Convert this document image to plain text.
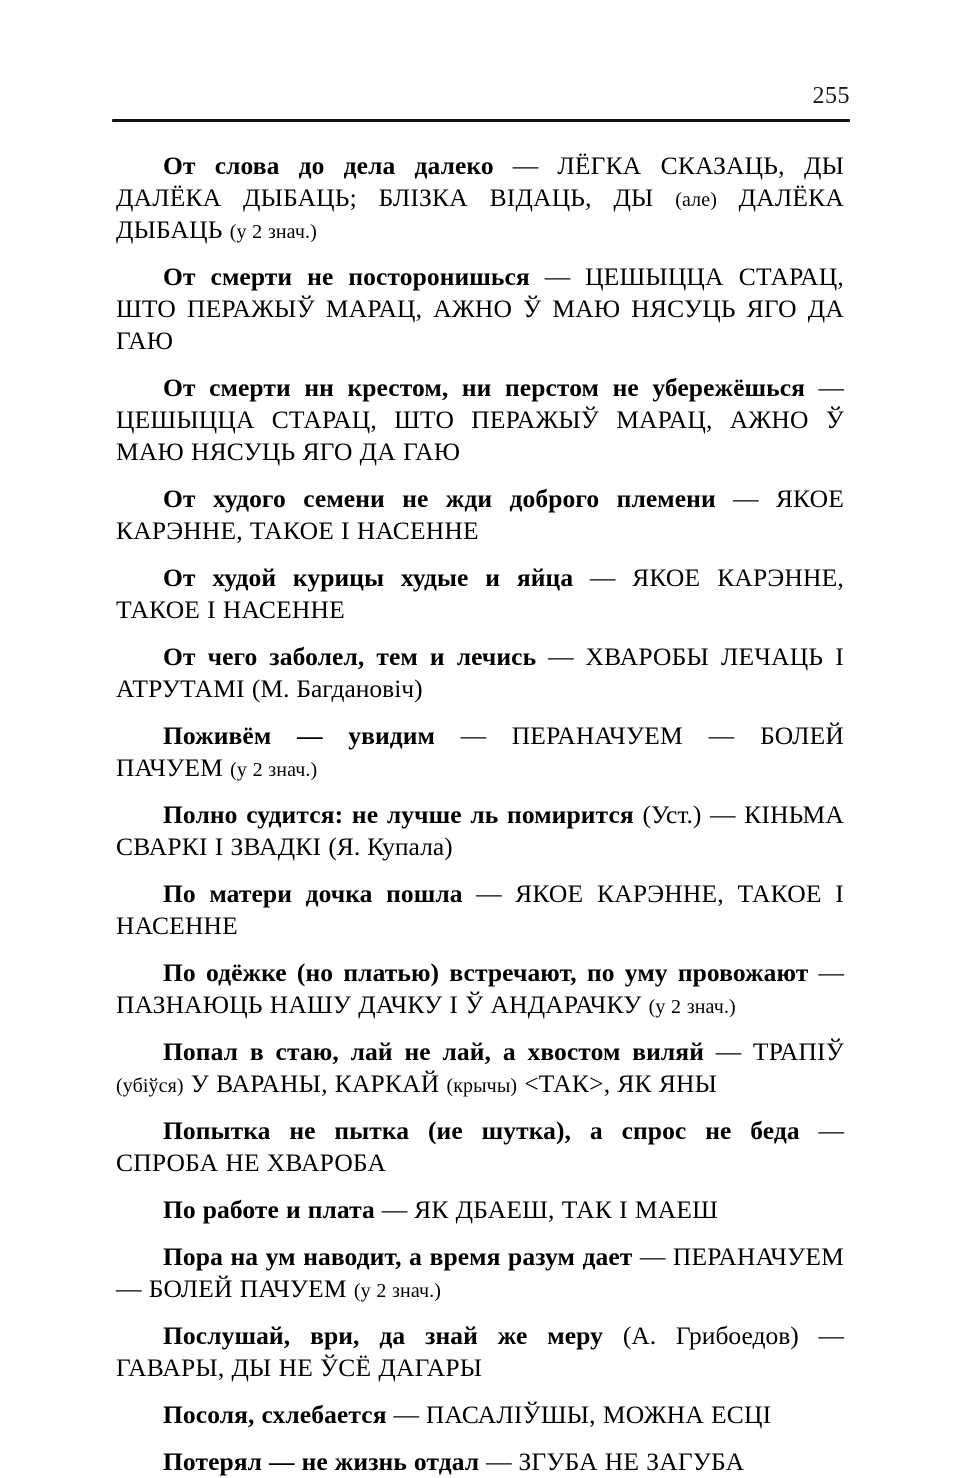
255

От слова до дела далеко — ЛЁГКА СКАЗАЦЬ, ДЫ ДАЛЁКА ДЫБАЦЬ; БЛІЗКА ВІДАЦЬ, ДЫ (але) ДАЛЁКА ДЫБАЦЬ (у 2 знач.)

От смерти не посторонишься — ЦЕШЫЦЦА СТАРАЦ, ШТО ПЕРАЖЫЎ МАРАЦ, АЖНО Ў МАЮ НЯСУЦЬ ЯГО ДА ГАЮ

От смерти нн крестом, ни перстом не убережёшься — ЦЕШЫЦЦА СТАРАЦ, ШТО ПЕРАЖЫЎ МАРАЦ, АЖНО Ў МАЮ НЯСУЦЬ ЯГО ДА ГАЮ

От худого семени не жди доброго племени — ЯКОЕ КАРЭННЕ, ТАКОЕ І НАСЕННЕ

От худой курицы худые и яйца — ЯКОЕ КАРЭННЕ, ТАКОЕ І НАСЕННЕ

От чего заболел, тем и лечись — ХВАРОБЫ ЛЕЧАЦЬ І АТРУТАМІ (М. Багдановіч)

Поживём — увидим — ПЕРАНАЧУЕМ — БОЛЕЙ ПАЧУЕМ (у 2 знач.)

Полно судится: не лучше ль помирится (Уст.) — КІНЬМА СВАРКІ І ЗВАДКІ (Я. Купала)

По матери дочка пошла — ЯКОЕ КАРЭННЕ, ТАКОЕ І НАСЕННЕ

По одёжке (но платью) встречают, по уму провожают — ПАЗНАЮЦЬ НАШУ ДАЧКУ І Ў АНДАРАЧКУ (у 2 знач.)

Попал в стаю, лай не лай, а хвостом виляй — ТРАПІЎ (убіўся) У ВАРАНЫ, КАРКАЙ (крычы) <ТАК>, ЯК ЯНЫ

Попытка не пытка (ие шутка), а спрос не беда — СПРОБА НЕ ХВАРОБА

По работе и плата — ЯК ДБАЕШ, ТАК І МАЕШ

Пора на ум наводит, а время разум дает — ПЕРАНАЧУЕМ — БОЛЕЙ ПАЧУЕМ (у 2 знач.)

Послушай, ври, да знай же меру (А. Грибоедов) — ГАВАРЫ, ДЫ НЕ ЎСЁ ДАГАРЫ

Посоля, схлебается — ПАСАЛІЎШЫ, МОЖНА ЕСЦІ

Потерял — не жизнь отдал — ЗГУБА НЕ ЗАГУБА
